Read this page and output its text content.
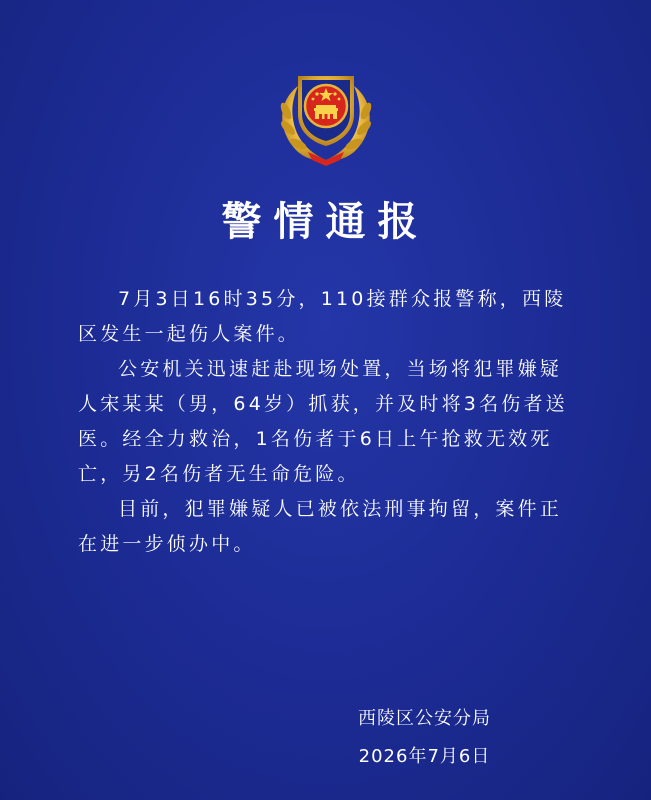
警情通报

7月3日16时35分，110接群众报警称，西陵区发生一起伤人案件。

公安机关迅速赶赴现场处置，当场将犯罪嫌疑人宋某某（男，64岁）抓获，并及时将3名伤者送医。经全力救治，1名伤者于6日上午抢救无效死亡，另2名伤者无生命危险。

目前，犯罪嫌疑人已被依法刑事拘留，案件正在进一步侦办中。

西陵区公安分局
2026年7月6日
